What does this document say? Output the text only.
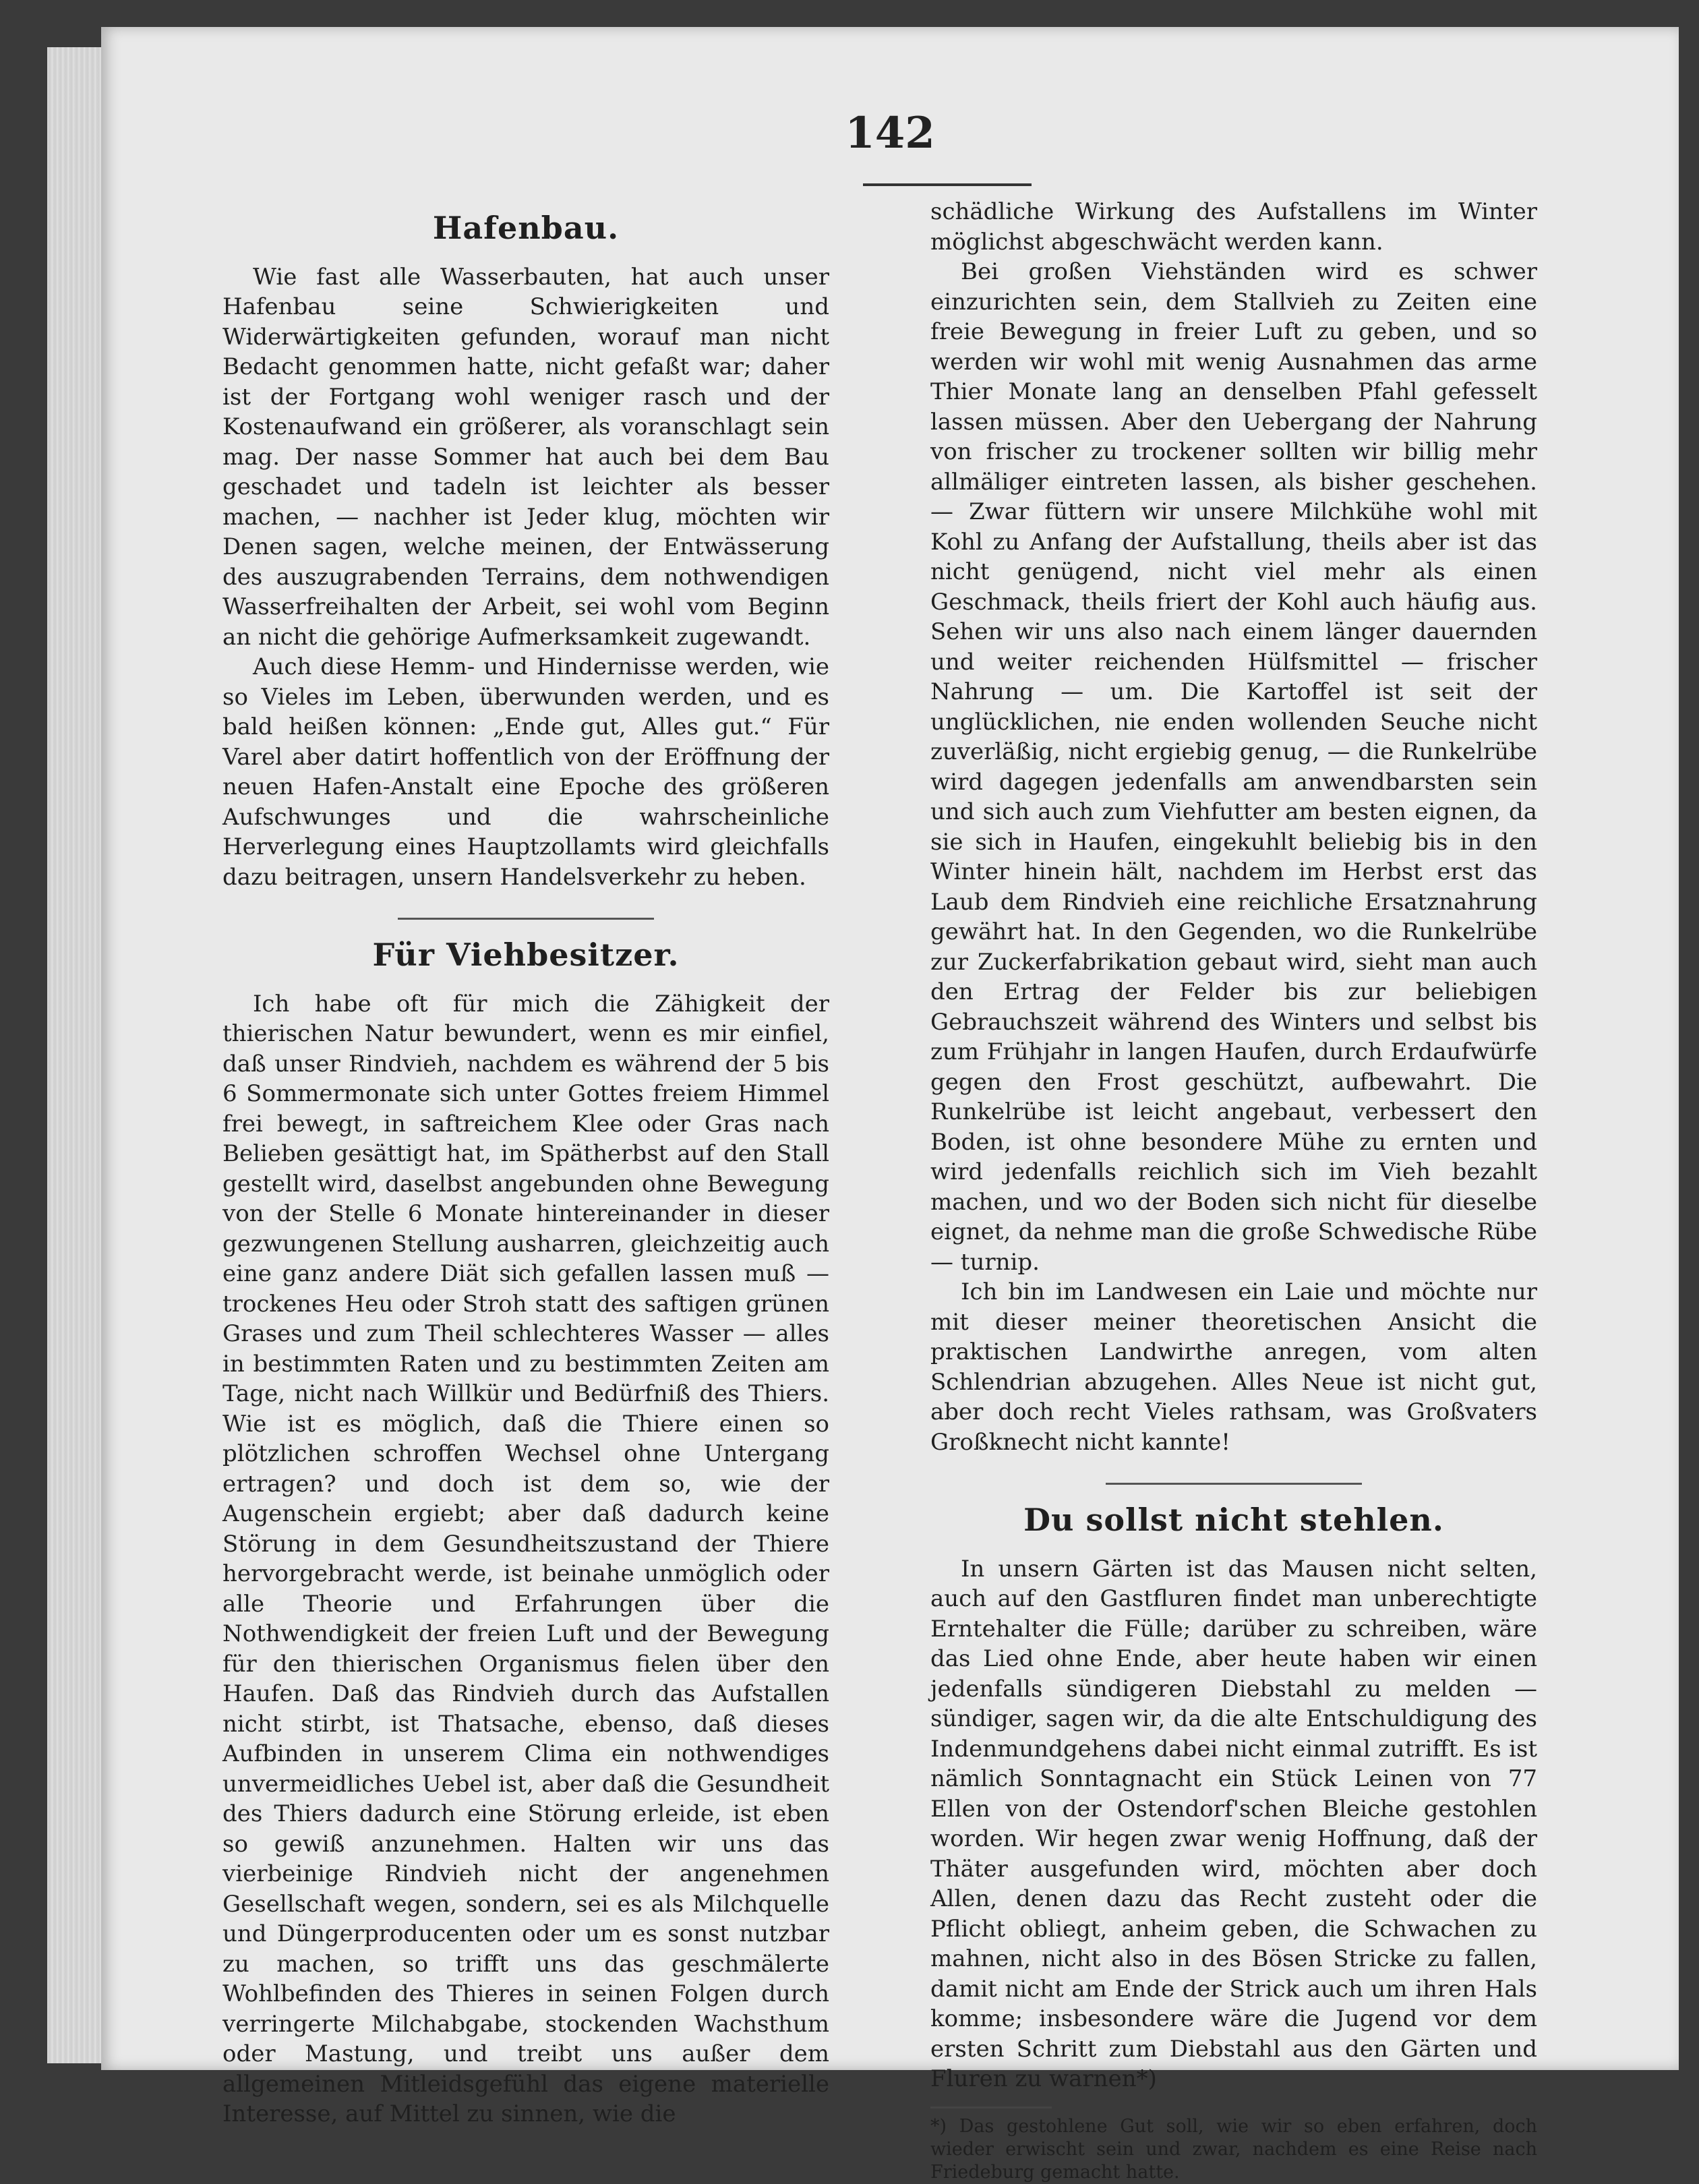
142
Hafenbau.

Wie fast alle Wasserbauten, hat auch unser Hafenbau seine Schwierigkeiten und Widerwärtigkeiten gefunden, worauf man nicht Bedacht genommen hatte, nicht gefaßt war; daher ist der Fortgang wohl weniger rasch und der Kostenaufwand ein größerer, als voranschlagt sein mag. Der nasse Sommer hat auch bei dem Bau geschadet und tadeln ist leichter als besser machen, — nachher ist Jeder klug, möchten wir Denen sagen, welche meinen, der Entwässerung des auszugrabenden Terrains, dem nothwendigen Wasserfreihalten der Arbeit, sei wohl vom Beginn an nicht die gehörige Aufmerksamkeit zugewandt.

Auch diese Hemm- und Hindernisse werden, wie so Vieles im Leben, überwunden werden, und es bald heißen können: „Ende gut, Alles gut.“ Für Varel aber datirt hoffentlich von der Eröffnung der neuen Hafen-Anstalt eine Epoche des größeren Aufschwunges und die wahrscheinliche Herverlegung eines Hauptzollamts wird gleichfalls dazu beitragen, unsern Handelsverkehr zu heben.

Für Viehbesitzer.

Ich habe oft für mich die Zähigkeit der thierischen Natur bewundert, wenn es mir einfiel, daß unser Rindvieh, nachdem es während der 5 bis 6 Sommermonate sich unter Gottes freiem Himmel frei bewegt, in saftreichem Klee oder Gras nach Belieben gesättigt hat, im Spätherbst auf den Stall gestellt wird, daselbst angebunden ohne Bewegung von der Stelle 6 Monate hintereinander in dieser gezwungenen Stellung ausharren, gleichzeitig auch eine ganz andere Diät sich gefallen lassen muß — trockenes Heu oder Stroh statt des saftigen grünen Grases und zum Theil schlechteres Wasser — alles in bestimmten Raten und zu bestimmten Zeiten am Tage, nicht nach Willkür und Bedürfniß des Thiers. Wie ist es möglich, daß die Thiere einen so plötzlichen schroffen Wechsel ohne Untergang ertragen? und doch ist dem so, wie der Augenschein ergiebt; aber daß dadurch keine Störung in dem Gesundheitszustand der Thiere hervorgebracht werde, ist beinahe unmöglich oder alle Theorie und Erfahrungen über die Nothwendigkeit der freien Luft und der Bewegung für den thierischen Organismus fielen über den Haufen. Daß das Rindvieh durch das Aufstallen nicht stirbt, ist Thatsache, ebenso, daß dieses Aufbinden in unserem Clima ein nothwendiges unvermeidliches Uebel ist, aber daß die Gesundheit des Thiers dadurch eine Störung erleide, ist eben so gewiß anzunehmen. Halten wir uns das vierbeinige Rindvieh nicht der angenehmen Gesellschaft wegen, sondern, sei es als Milchquelle und Düngerproducenten oder um es sonst nutzbar zu machen, so trifft uns das geschmälerte Wohlbefinden des Thieres in seinen Folgen durch verringerte Milchabgabe, stockenden Wachsthum oder Mastung, und treibt uns außer dem allgemeinen Mitleidsgefühl das eigene materielle Interesse, auf Mittel zu sinnen, wie die

schädliche Wirkung des Aufstallens im Winter möglichst abgeschwächt werden kann.

Bei großen Viehständen wird es schwer einzurichten sein, dem Stallvieh zu Zeiten eine freie Bewegung in freier Luft zu geben, und so werden wir wohl mit wenig Ausnahmen das arme Thier Monate lang an denselben Pfahl gefesselt lassen müssen. Aber den Uebergang der Nahrung von frischer zu trockener sollten wir billig mehr allmäliger eintreten lassen, als bisher geschehen. — Zwar füttern wir unsere Milchkühe wohl mit Kohl zu Anfang der Aufstallung, theils aber ist das nicht genügend, nicht viel mehr als einen Geschmack, theils friert der Kohl auch häufig aus. Sehen wir uns also nach einem länger dauernden und weiter reichenden Hülfsmittel — frischer Nahrung — um. Die Kartoffel ist seit der unglücklichen, nie enden wollenden Seuche nicht zuverläßig, nicht ergiebig genug, — die Runkelrübe wird dagegen jedenfalls am anwendbarsten sein und sich auch zum Viehfutter am besten eignen, da sie sich in Haufen, eingekuhlt beliebig bis in den Winter hinein hält, nachdem im Herbst erst das Laub dem Rindvieh eine reichliche Ersatznahrung gewährt hat. In den Gegenden, wo die Runkelrübe zur Zuckerfabrikation gebaut wird, sieht man auch den Ertrag der Felder bis zur beliebigen Gebrauchszeit während des Winters und selbst bis zum Frühjahr in langen Haufen, durch Erdaufwürfe gegen den Frost geschützt, aufbewahrt. Die Runkelrübe ist leicht angebaut, verbessert den Boden, ist ohne besondere Mühe zu ernten und wird jedenfalls reichlich sich im Vieh bezahlt machen, und wo der Boden sich nicht für dieselbe eignet, da nehme man die große Schwedische Rübe — turnip.

Ich bin im Landwesen ein Laie und möchte nur mit dieser meiner theoretischen Ansicht die praktischen Landwirthe anregen, vom alten Schlendrian abzugehen. Alles Neue ist nicht gut, aber doch recht Vieles rathsam, was Großvaters Großknecht nicht kannte!

Du sollst nicht stehlen.

In unsern Gärten ist das Mausen nicht selten, auch auf den Gastfluren findet man unberechtigte Erntehalter die Fülle; darüber zu schreiben, wäre das Lied ohne Ende, aber heute haben wir einen jedenfalls sündigeren Diebstahl zu melden — sündiger, sagen wir, da die alte Entschuldigung des Indenmundgehens dabei nicht einmal zutrifft. Es ist nämlich Sonntagnacht ein Stück Leinen von 77 Ellen von der Ostendorf'schen Bleiche gestohlen worden. Wir hegen zwar wenig Hoffnung, daß der Thäter ausgefunden wird, möchten aber doch Allen, denen dazu das Recht zusteht oder die Pflicht obliegt, anheim geben, die Schwachen zu mahnen, nicht also in des Bösen Stricke zu fallen, damit nicht am Ende der Strick auch um ihren Hals komme; insbesondere wäre die Jugend vor dem ersten Schritt zum Diebstahl aus den Gärten und Fluren zu warnen*)

*) Das gestohlene Gut soll, wie wir so eben erfahren, doch wieder erwischt sein und zwar, nachdem es eine Reise nach Friedeburg gemacht hatte.
